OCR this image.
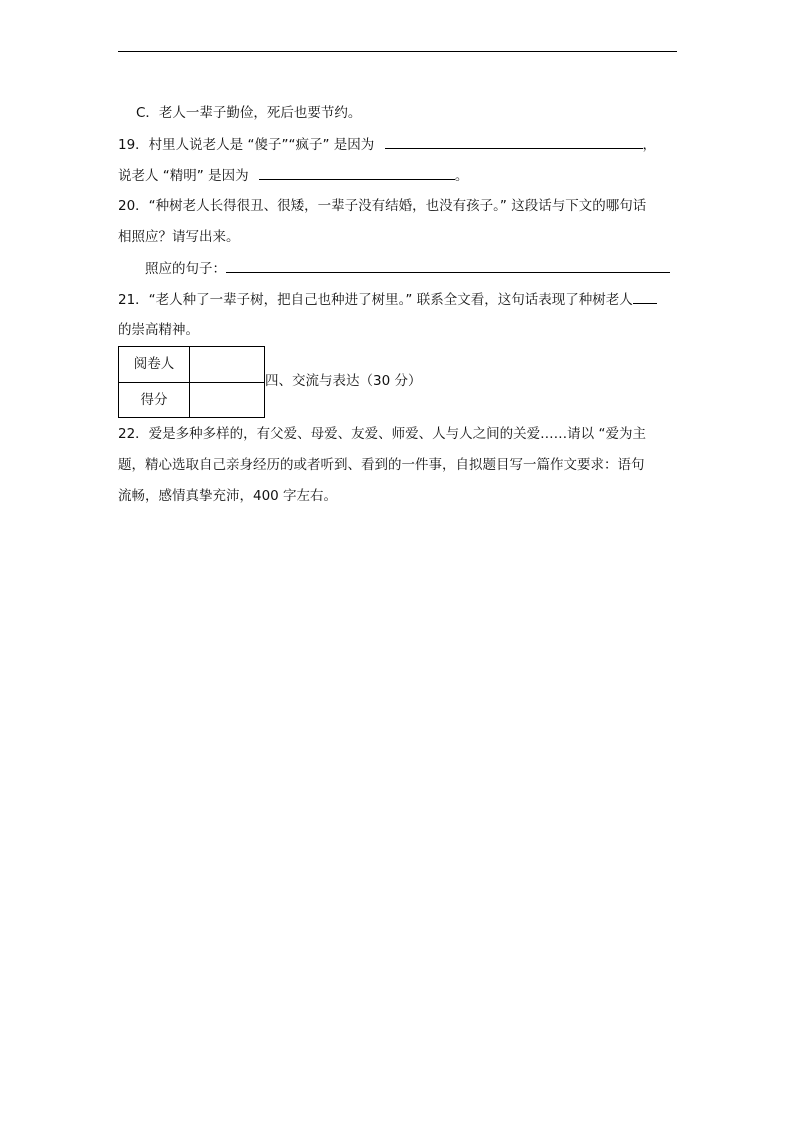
C．老人一辈子勤俭，死后也要节约。
19．村里人说老人是 “傻子”“疯子” 是因为	，
说老人 “精明” 是因为	。
20．“种树老人长得很丑、很矮，一辈子没有结婚，也没有孩子。” 这段话与下文的哪句话
相照应？请写出来。
照应的句子：
21．“老人种了一辈子树，把自己也种进了树里。” 联系全文看，这句话表现了种树老人
的崇高精神。
阅卷人
得分
四、交流与表达（30 分）
22．爱是多种多样的，有父爱、母爱、友爱、师爱、人与人之间的关爱……请以 “爱为主
题，精心选取自己亲身经历的或者听到、看到的一件事，自拟题目写一篇作文要求：语句
流畅，感情真挚充沛，400 字左右。
